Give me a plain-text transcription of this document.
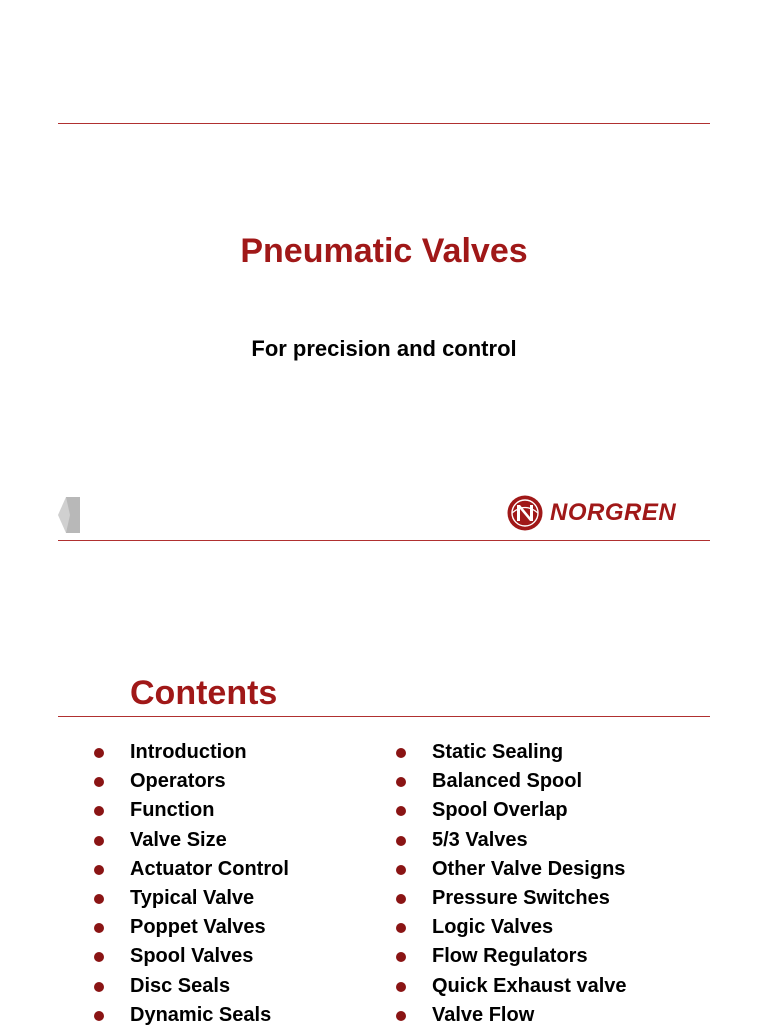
Pneumatic Valves

For precision and control

NORGREN
Contents
Introduction
Operators
Function
Valve Size
Actuator Control
Typical Valve
Poppet Valves
Spool Valves
Disc Seals
Dynamic Seals
Static Sealing
Balanced Spool
Spool Overlap
5/3 Valves
Other Valve Designs
Pressure Switches
Logic Valves
Flow Regulators
Quick Exhaust valve
Valve Flow
